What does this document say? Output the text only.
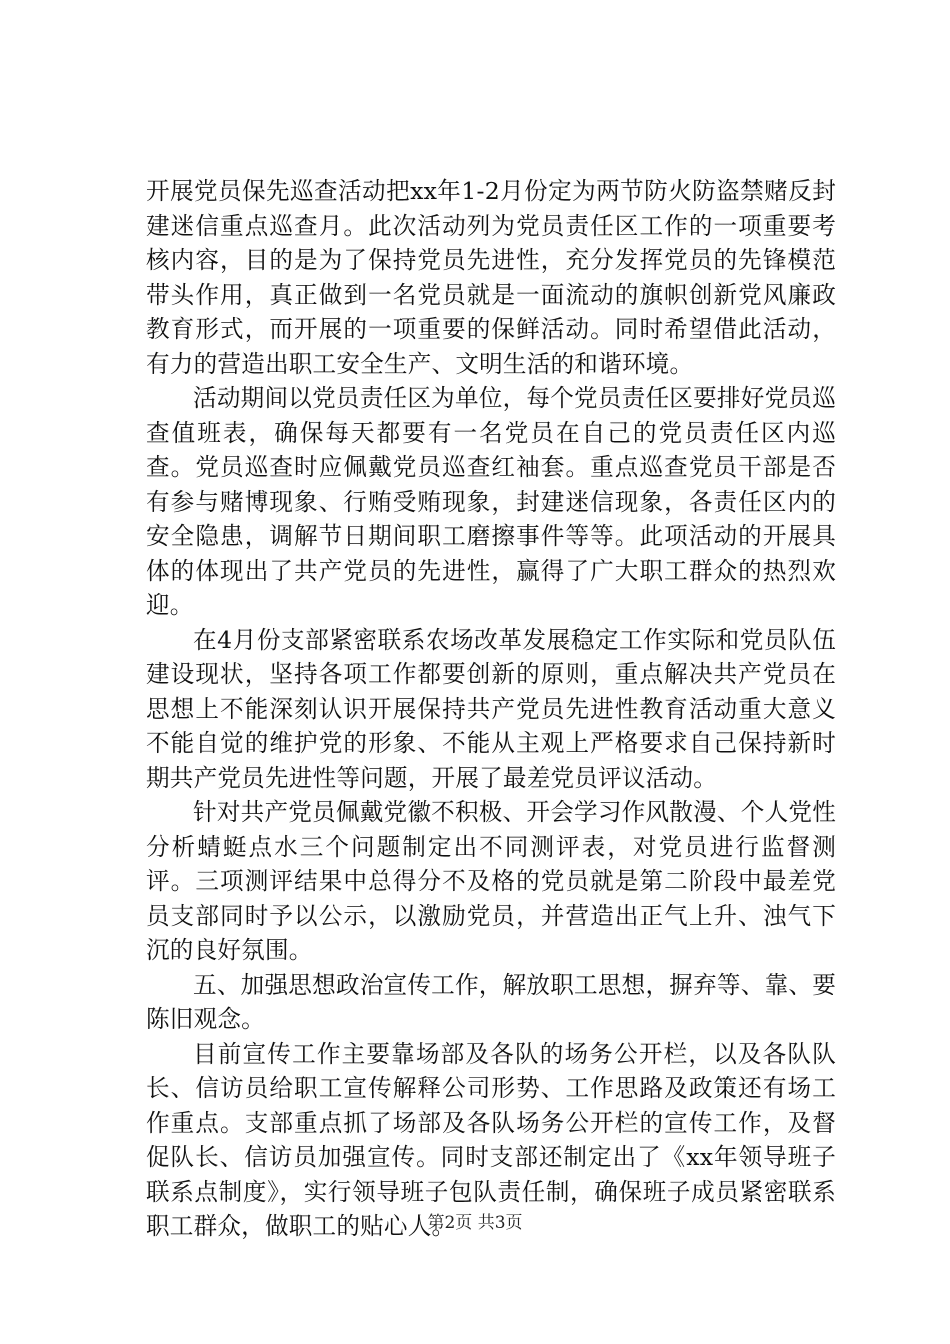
开展党员保先巡查活动把xx年1-2月份定为两节防火防盗禁赌反封建迷信重点巡查月。此次活动列为党员责任区工作的一项重要考核内容，目的是为了保持党员先进性，充分发挥党员的先锋模范带头作用，真正做到一名党员就是一面流动的旗帜创新党风廉政教育形式，而开展的一项重要的保鲜活动。同时希望借此活动，有力的营造出职工安全生产、文明生活的和谐环境。

活动期间以党员责任区为单位，每个党员责任区要排好党员巡查值班表，确保每天都要有一名党员在自己的党员责任区内巡查。党员巡查时应佩戴党员巡查红袖套。重点巡查党员干部是否有参与赌博现象、行贿受贿现象，封建迷信现象，各责任区内的安全隐患，调解节日期间职工磨擦事件等等。此项活动的开展具体的体现出了共产党员的先进性，赢得了广大职工群众的热烈欢迎。

在4月份支部紧密联系农场改革发展稳定工作实际和党员队伍建设现状，坚持各项工作都要创新的原则，重点解决共产党员在思想上不能深刻认识开展保持共产党员先进性教育活动重大意义不能自觉的维护党的形象、不能从主观上严格要求自己保持新时期共产党员先进性等问题，开展了最差党员评议活动。

针对共产党员佩戴党徽不积极、开会学习作风散漫、个人党性分析蜻蜓点水三个问题制定出不同测评表，对党员进行监督测评。三项测评结果中总得分不及格的党员就是第二阶段中最差党员支部同时予以公示，以激励党员，并营造出正气上升、浊气下沉的良好氛围。

五、加强思想政治宣传工作，解放职工思想，摒弃等、靠、要陈旧观念。

目前宣传工作主要靠场部及各队的场务公开栏，以及各队队长、信访员给职工宣传解释公司形势、工作思路及政策还有场工作重点。支部重点抓了场部及各队场务公开栏的宣传工作，及督促队长、信访员加强宣传。同时支部还制定出了《xx年领导班子联系点制度》，实行领导班子包队责任制，确保班子成员紧密联系职工群众，做职工的贴心人。

第2页 共3页
